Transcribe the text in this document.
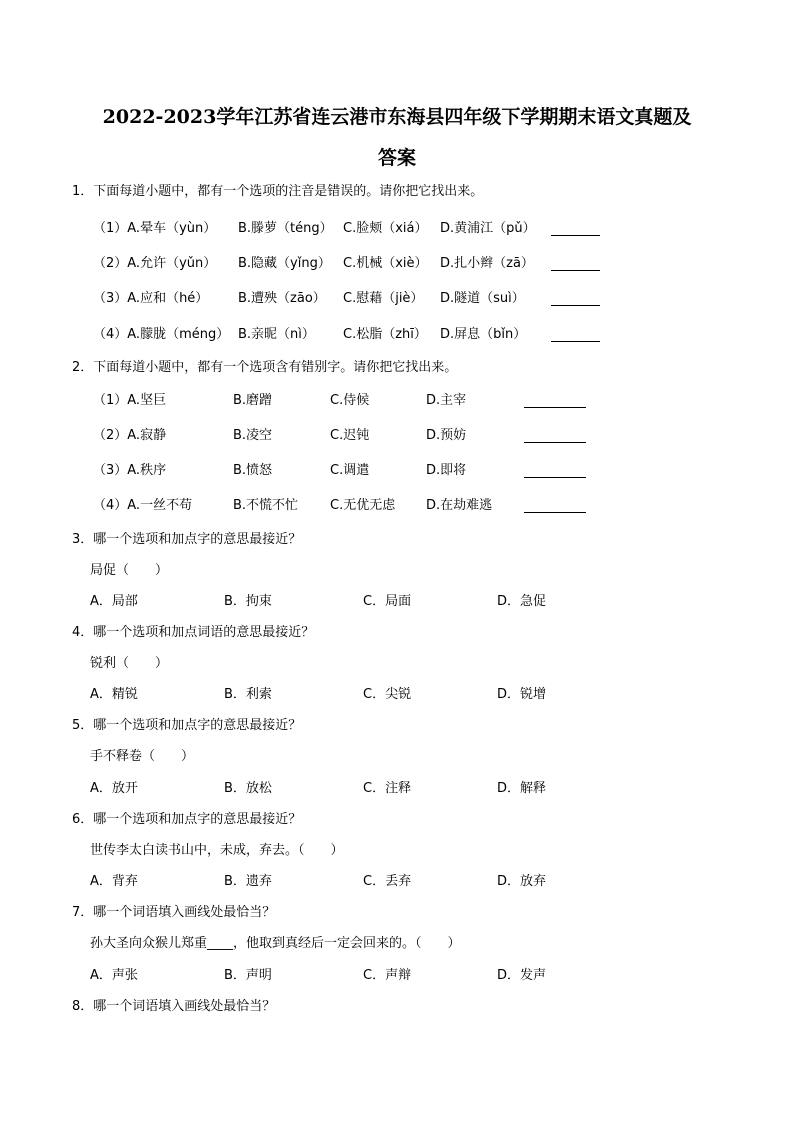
2022-2023学年江苏省连云港市东海县四年级下学期期末语文真题及
答案
1．下面每道小题中，都有一个选项的注音是错误的。请你把它找出来。
（1）A.晕车（yùn） B.滕萝（téng） C.脸颊（xiá） D.黄浦江（pǔ）
（2）A.允许（yǔn） B.隐藏（yǐng） C.机械（xiè） D.扎小辫（zā）
（3）A.应和（hé） B.遭殃（zāo） C.慰藉（jiè） D.隧道（suì）
（4）A.朦胧（méng） B.亲昵（nì） C.松脂（zhī） D.屏息（bǐn）
2．下面每道小题中，都有一个选项含有错别字。请你把它找出来。
（1）A.坚巨	B.磨蹭	C.侍候	D.主宰
（2）A.寂静	B.凌空	C.迟钝	D.预妨
（3）A.秩序	B.愤怒	C.调遣	D.即将
（4）A.一丝不苟	B.不慌不忙 C.无优无虑 D.在劫难逃
3．哪一个选项和加点字的意思最接近？
局促（　　）
A．局部	B．拘束	C．局面	D．急促
4．哪一个选项和加点词语的意思最接近？
锐利（　　）
A．精锐	B．利索	C．尖锐	D．锐增
5．哪一个选项和加点字的意思最接近？
手不释卷（　　）
A．放开	B．放松	C．注释	D．解释
6．哪一个选项和加点字的意思最接近？
世传李太白读书山中，未成，弃去。（　　）
A．背弃	B．遗弃	C．丢弃	D．放弃
7．哪一个词语填入画线处最恰当？
孙大圣向众猴儿郑重____，他取到真经后一定会回来的。（　　）
A．声张	B．声明	C．声辩	D．发声
8．哪一个词语填入画线处最恰当？
